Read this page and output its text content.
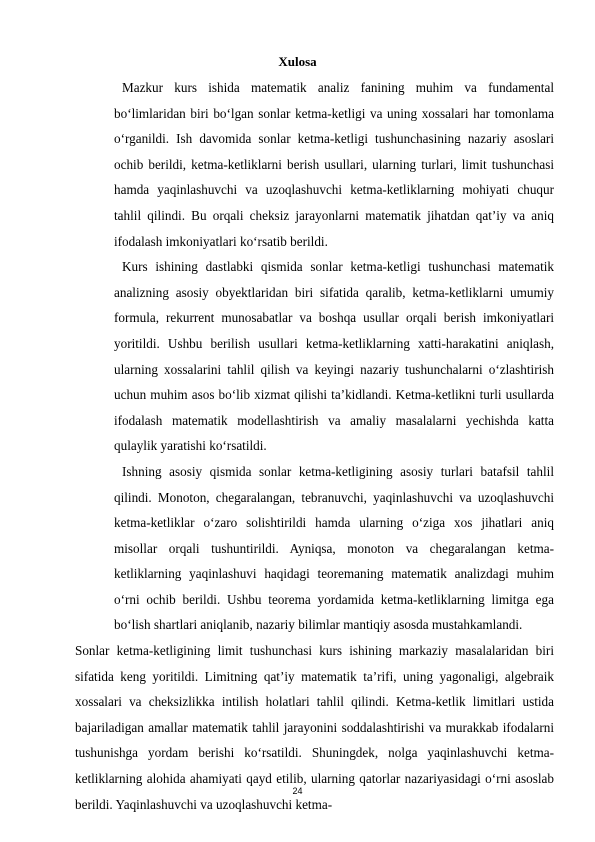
Xulosa

Mazkur kurs ishida matematik analiz fanining muhim va fundamental bo‘limlaridan biri bo‘lgan sonlar ketma-ketligi va uning xossalari har tomonlama o‘rganildi. Ish davomida sonlar ketma-ketligi tushunchasining nazariy asoslari ochib berildi, ketma-ketliklarni berish usullari, ularning turlari, limit tushunchasi hamda yaqinlashuvchi va uzoqlashuvchi ketma-ketliklarning mohiyati chuqur tahlil qilindi. Bu orqali cheksiz jarayonlarni matematik jihatdan qat’iy va aniq ifodalash imkoniyatlari ko‘rsatib berildi.

Kurs ishining dastlabki qismida sonlar ketma-ketligi tushunchasi matematik analizning asosiy obyektlaridan biri sifatida qaralib, ketma-ketliklarni umumiy formula, rekurrent munosabatlar va boshqa usullar orqali berish imkoniyatlari yoritildi. Ushbu berilish usullari ketma-ketliklarning xatti-harakatini aniqlash, ularning xossalarini tahlil qilish va keyingi nazariy tushunchalarni o‘zlashtirish uchun muhim asos bo‘lib xizmat qilishi ta’kidlandi. Ketma-ketlikni turli usullarda ifodalash matematik modellashtirish va amaliy masalalarni yechishda katta qulaylik yaratishi ko‘rsatildi.

Ishning asosiy qismida sonlar ketma-ketligining asosiy turlari batafsil tahlil qilindi. Monoton, chegaralangan, tebranuvchi, yaqinlashuvchi va uzoqlashuvchi ketma-ketliklar o‘zaro solishtirildi hamda ularning o‘ziga xos jihatlari aniq misollar orqali tushuntirildi. Ayniqsa, monoton va chegaralangan ketma-ketliklarning yaqinlashuvi haqidagi teoremaning matematik analizdagi muhim o‘rni ochib berildi. Ushbu teorema yordamida ketma-ketliklarning limitga ega bo‘lish shartlari aniqlanib, nazariy bilimlar mantiqiy asosda mustahkamlandi.

Sonlar ketma-ketligining limit tushunchasi kurs ishining markaziy masalalaridan biri sifatida keng yoritildi. Limitning qat’iy matematik ta’rifi, uning yagonaligi, algebraik xossalari va cheksizlikka intilish holatlari tahlil qilindi. Ketma-ketlik limitlari ustida bajariladigan amallar matematik tahlil jarayonini soddalashtirishi va murakkab ifodalarni tushunishga yordam berishi ko‘rsatildi. Shuningdek, nolga yaqinlashuvchi ketma-ketliklarning alohida ahamiyati qayd etilib, ularning qatorlar nazariyasidagi o‘rni asoslab berildi. Yaqinlashuvchi va uzoqlashuvchi ketma-

24
